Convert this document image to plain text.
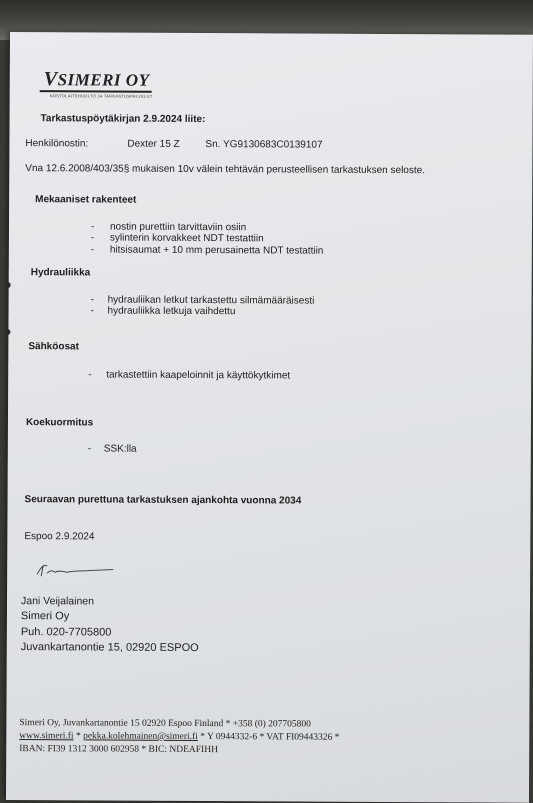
VSIMERI OY
NOSTOLAITEHUOLTO JA TARKASTUSPALVELUT
Tarkastuspöytäkirjan 2.9.2024 liite:
Henkilönostin:	Dexter 15 Z	Sn. YG9130683C0139107
Vna 12.6.2008/403/35§ mukaisen 10v välein tehtävän perusteellisen tarkastuksen seloste.
Mekaaniset rakenteet
- nostin purettiin tarvittaviin osiin
- sylinterin korvakkeet NDT testattiin
- hitsisaumat + 10 mm perusainetta NDT testattiin
Hydrauliikka
- hydrauliikan letkut tarkastettu silmämääräisesti
- hydrauliikka letkuja vaihdettu
Sähköosat
- tarkastettiin kaapeloinnit ja käyttökytkimet
Koekuormitus
- SSK:lla
Seuraavan purettuna tarkastuksen ajankohta vuonna 2034
Espoo 2.9.2024
Jani Veijalainen
Simeri Oy
Puh. 020-7705800
Juvankartanontie 15, 02920 ESPOO
Simeri Oy, Juvankartanontie 15 02920 Espoo Finland * +358 (0) 207705800
www.simeri.fi * pekka.kolehmainen@simeri.fi * Y 0944332-6 * VAT FI09443326 *
IBAN: FI39 1312 3000 602958 * BIC: NDEAFIHH
